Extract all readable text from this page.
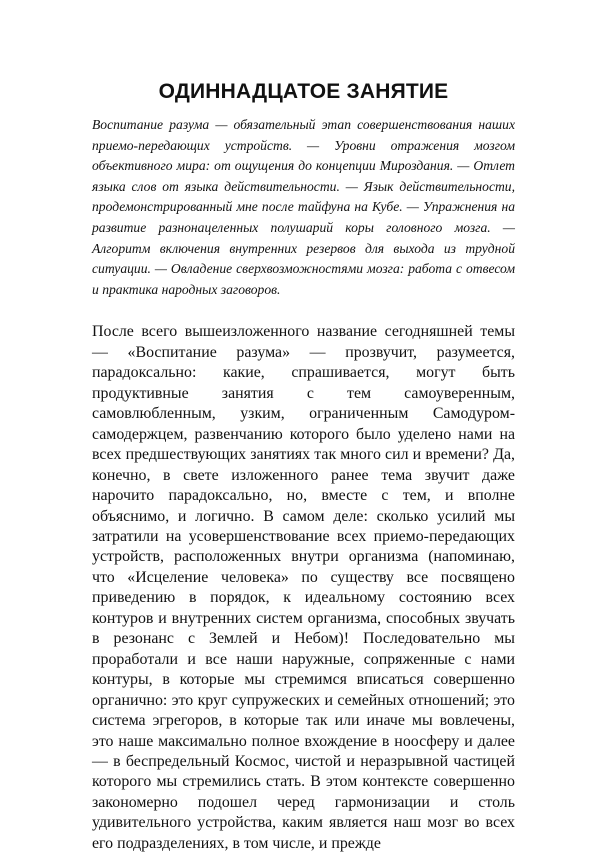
ОДИННАДЦАТОЕ ЗАНЯТИЕ

Воспитание разума — обязательный этап совершенствования наших приемо-передающих устройств. — Уровни отражения мозгом объективного мира: от ощущения до концепции Мироздания. — Отлет языка слов от языка действительности. — Язык действительности, продемонстрированный мне после тайфуна на Кубе. — Упражнения на развитие разнонацеленных полушарий коры головного мозга. — Алгоритм включения внутренних резервов для выхода из трудной ситуации. — Овладение сверхвозможностями мозга: работа с отвесом и практика народных заговоров.

После всего вышеизложенного название сегодняшней темы — «Воспитание разума» — прозвучит, разумеется, парадоксально: какие, спрашивается, могут быть продуктивные занятия с тем самоуверенным, самовлюбленным, узким, ограниченным Самодуром-самодержцем, развенчанию которого было уделено нами на всех предшествующих занятиях так много сил и времени? Да, конечно, в свете изложенного ранее тема звучит даже нарочито парадоксально, но, вместе с тем, и вполне объяснимо, и логично. В самом деле: сколько усилий мы затратили на усовершенствование всех приемо-передающих устройств, расположенных внутри организма (напоминаю, что «Исцеление человека» по существу все посвящено приведению в порядок, к идеальному состоянию всех контуров и внутренних систем организма, способных звучать в резонанс с Землей и Небом)! Последовательно мы проработали и все наши наружные, сопряженные с нами контуры, в которые мы стремимся вписаться совершенно органично: это круг супружеских и семейных отношений; это система эгрегоров, в которые так или иначе мы вовлечены, это наше максимально полное вхождение в ноосферу и далее — в беспредельный Космос, чистой и неразрывной частицей которого мы стремились стать. В этом контексте совершенно закономерно подошел черед гармонизации и столь удивительного устройства, каким является наш мозг во всех его подразделениях, в том числе, и прежде
